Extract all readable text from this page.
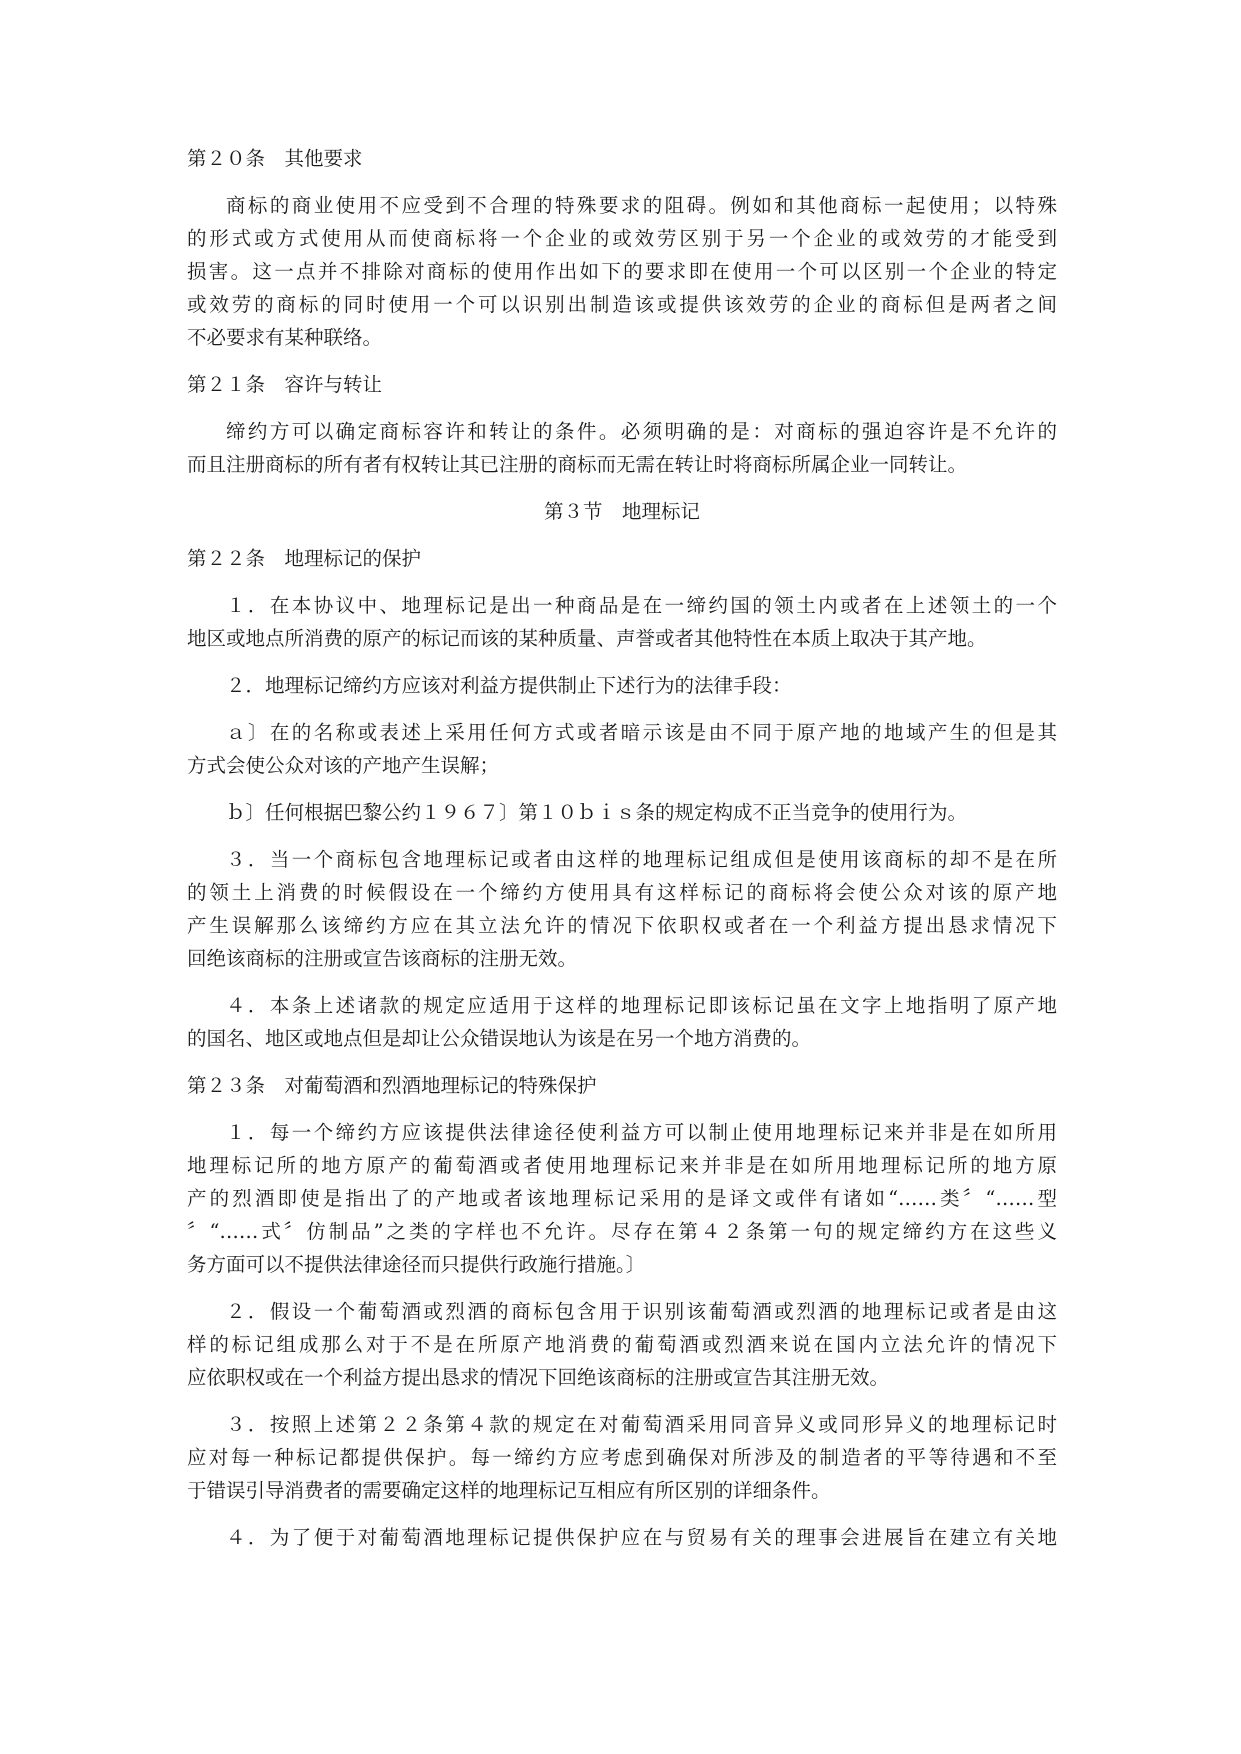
第２０条　其他要求
商标的商业使用不应受到不合理的特殊要求的阻碍。例如和其他商标一起使用；以特殊
的形式或方式使用从而使商标将一个企业的或效劳区别于另一个企业的或效劳的才能受到
损害。这一点并不排除对商标的使用作出如下的要求即在使用一个可以区别一个企业的特定
或效劳的商标的同时使用一个可以识别出制造该或提供该效劳的企业的商标但是两者之间
不必要求有某种联络。
第２１条　容许与转让
缔约方可以确定商标容许和转让的条件。必须明确的是：对商标的强迫容许是不允许的
而且注册商标的所有者有权转让其已注册的商标而无需在转让时将商标所属企业一同转让。
第３节　地理标记
第２２条　地理标记的保护
１．在本协议中、地理标记是出一种商品是在一缔约国的领土内或者在上述领土的一个
地区或地点所消费的原产的标记而该的某种质量、声誉或者其他特性在本质上取决于其产地。
２．地理标记缔约方应该对利益方提供制止下述行为的法律手段：
ａ〕在的名称或表述上采用任何方式或者暗示该是由不同于原产地的地域产生的但是其
方式会使公众对该的产地产生误解；
ｂ〕任何根据巴黎公约１９６７〕第１０ｂｉｓ条的规定构成不正当竞争的使用行为。
３．当一个商标包含地理标记或者由这样的地理标记组成但是使用该商标的却不是在所
的领土上消费的时候假设在一个缔约方使用具有这样标记的商标将会使公众对该的原产地
产生误解那么该缔约方应在其立法允许的情况下依职权或者在一个利益方提出恳求情况下
回绝该商标的注册或宣告该商标的注册无效。
４．本条上述诸款的规定应适用于这样的地理标记即该标记虽在文字上地指明了原产地
的国名、地区或地点但是却让公众错误地认为该是在另一个地方消费的。
第２３条　对葡萄酒和烈酒地理标记的特殊保护
１．每一个缔约方应该提供法律途径使利益方可以制止使用地理标记来并非是在如所用
地理标记所的地方原产的葡萄酒或者使用地理标记来并非是在如所用地理标记所的地方原
产的烈酒即使是指出了的产地或者该地理标记采用的是译文或伴有诸如“……类〞“……型
〞“……式〞仿制品”之类的字样也不允许。尽存在第４２条第一句的规定缔约方在这些义
务方面可以不提供法律途径而只提供行政施行措施。〕
２．假设一个葡萄酒或烈酒的商标包含用于识别该葡萄酒或烈酒的地理标记或者是由这
样的标记组成那么对于不是在所原产地消费的葡萄酒或烈酒来说在国内立法允许的情况下
应依职权或在一个利益方提出恳求的情况下回绝该商标的注册或宣告其注册无效。
３．按照上述第２２条第４款的规定在对葡萄酒采用同音异义或同形异义的地理标记时
应对每一种标记都提供保护。每一缔约方应考虑到确保对所涉及的制造者的平等待遇和不至
于错误引导消费者的需要确定这样的地理标记互相应有所区别的详细条件。
４．为了便于对葡萄酒地理标记提供保护应在与贸易有关的理事会进展旨在建立有关地
